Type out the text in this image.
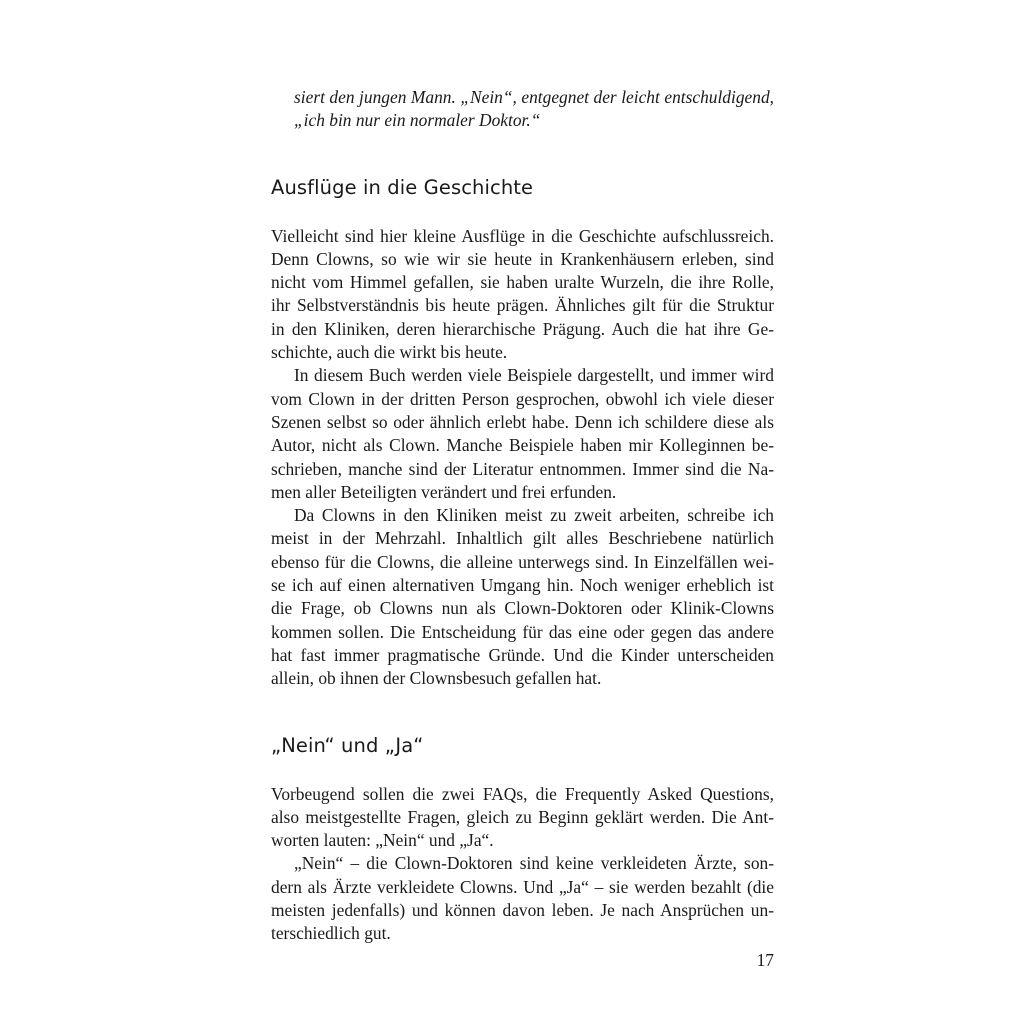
siert den jungen Mann. „Nein“, entgegnet der leicht entschuldigend,
„ich bin nur ein normaler Doktor.“
Ausflüge in die Geschichte
Vielleicht sind hier kleine Ausflüge in die Geschichte aufschlussreich.
Denn Clowns, so wie wir sie heute in Krankenhäusern erleben, sind
nicht vom Himmel gefallen, sie haben uralte Wurzeln, die ihre Rolle,
ihr Selbstverständnis bis heute prägen. Ähnliches gilt für die Struktur
in den Kliniken, deren hierarchische Prägung. Auch die hat ihre Ge-
schichte, auch die wirkt bis heute.
In diesem Buch werden viele Beispiele dargestellt, und immer wird
vom Clown in der dritten Person gesprochen, obwohl ich viele dieser
Szenen selbst so oder ähnlich erlebt habe. Denn ich schildere diese als
Autor, nicht als Clown. Manche Beispiele haben mir Kolleginnen be-
schrieben, manche sind der Literatur entnommen. Immer sind die Na-
men aller Beteiligten verändert und frei erfunden.
Da Clowns in den Kliniken meist zu zweit arbeiten, schreibe ich
meist in der Mehrzahl. Inhaltlich gilt alles Beschriebene natürlich
ebenso für die Clowns, die alleine unterwegs sind. In Einzelfällen wei-
se ich auf einen alternativen Umgang hin. Noch weniger erheblich ist
die Frage, ob Clowns nun als Clown-Doktoren oder Klinik-Clowns
kommen sollen. Die Entscheidung für das eine oder gegen das andere
hat fast immer pragmatische Gründe. Und die Kinder unterscheiden
allein, ob ihnen der Clownsbesuch gefallen hat.
„Nein“ und „Ja“
Vorbeugend sollen die zwei FAQs, die Frequently Asked Questions,
also meistgestellte Fragen, gleich zu Beginn geklärt werden. Die Ant-
worten lauten: „Nein“ und „Ja“.
„Nein“ – die Clown-Doktoren sind keine verkleideten Ärzte, son-
dern als Ärzte verkleidete Clowns. Und „Ja“ – sie werden bezahlt (die
meisten jedenfalls) und können davon leben. Je nach Ansprüchen un-
terschiedlich gut.
17
